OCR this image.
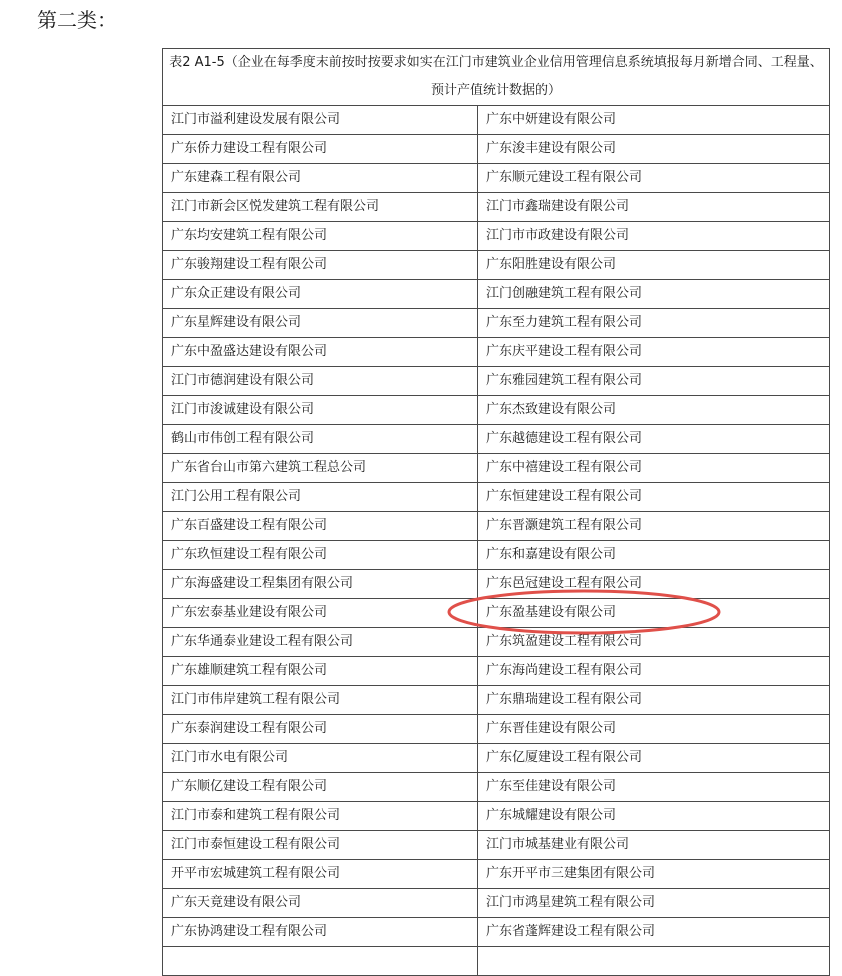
第二类：
表2 A1-5（企业在每季度末前按时按要求如实在江门市建筑业企业信用管理信息系统填报每月新增合同、工程量、预计产值统计数据的）	
江门市溢利建设发展有限公司	广东中妍建设有限公司
广东侨力建设工程有限公司	广东浚丰建设有限公司
广东建森工程有限公司	广东顺元建设工程有限公司
江门市新会区悦发建筑工程有限公司	江门市鑫瑞建设有限公司
广东均安建筑工程有限公司	江门市市政建设有限公司
广东骏翔建设工程有限公司	广东阳胜建设有限公司
广东众正建设有限公司	江门创融建筑工程有限公司
广东星辉建设有限公司	广东至力建筑工程有限公司
广东中盈盛达建设有限公司	广东庆平建设工程有限公司
江门市德润建设有限公司	广东雅园建筑工程有限公司
江门市浚诚建设有限公司	广东杰致建设有限公司
鹤山市伟创工程有限公司	广东越德建设工程有限公司
广东省台山市第六建筑工程总公司	广东中禧建设工程有限公司
江门公用工程有限公司	广东恒建建设工程有限公司
广东百盛建设工程有限公司	广东晋灏建筑工程有限公司
广东玖恒建设工程有限公司	广东和嘉建设有限公司
广东海盛建设工程集团有限公司	广东邑冠建设工程有限公司
广东宏泰基业建设有限公司	广东盈基建设有限公司
广东华通泰业建设工程有限公司	广东筑盈建设工程有限公司
广东雄顺建筑工程有限公司	广东海尚建设工程有限公司
江门市伟岸建筑工程有限公司	广东鼎瑞建设工程有限公司
广东泰润建设工程有限公司	广东晋佳建设有限公司
江门市水电有限公司	广东亿厦建设工程有限公司
广东顺亿建设工程有限公司	广东至佳建设有限公司
江门市泰和建筑工程有限公司	广东城耀建设有限公司
江门市泰恒建设工程有限公司	江门市城基建业有限公司
开平市宏城建筑工程有限公司	广东开平市三建集团有限公司
广东天竟建设有限公司	江门市鸿星建筑工程有限公司
广东协鸿建设工程有限公司	广东省蓬辉建设工程有限公司
